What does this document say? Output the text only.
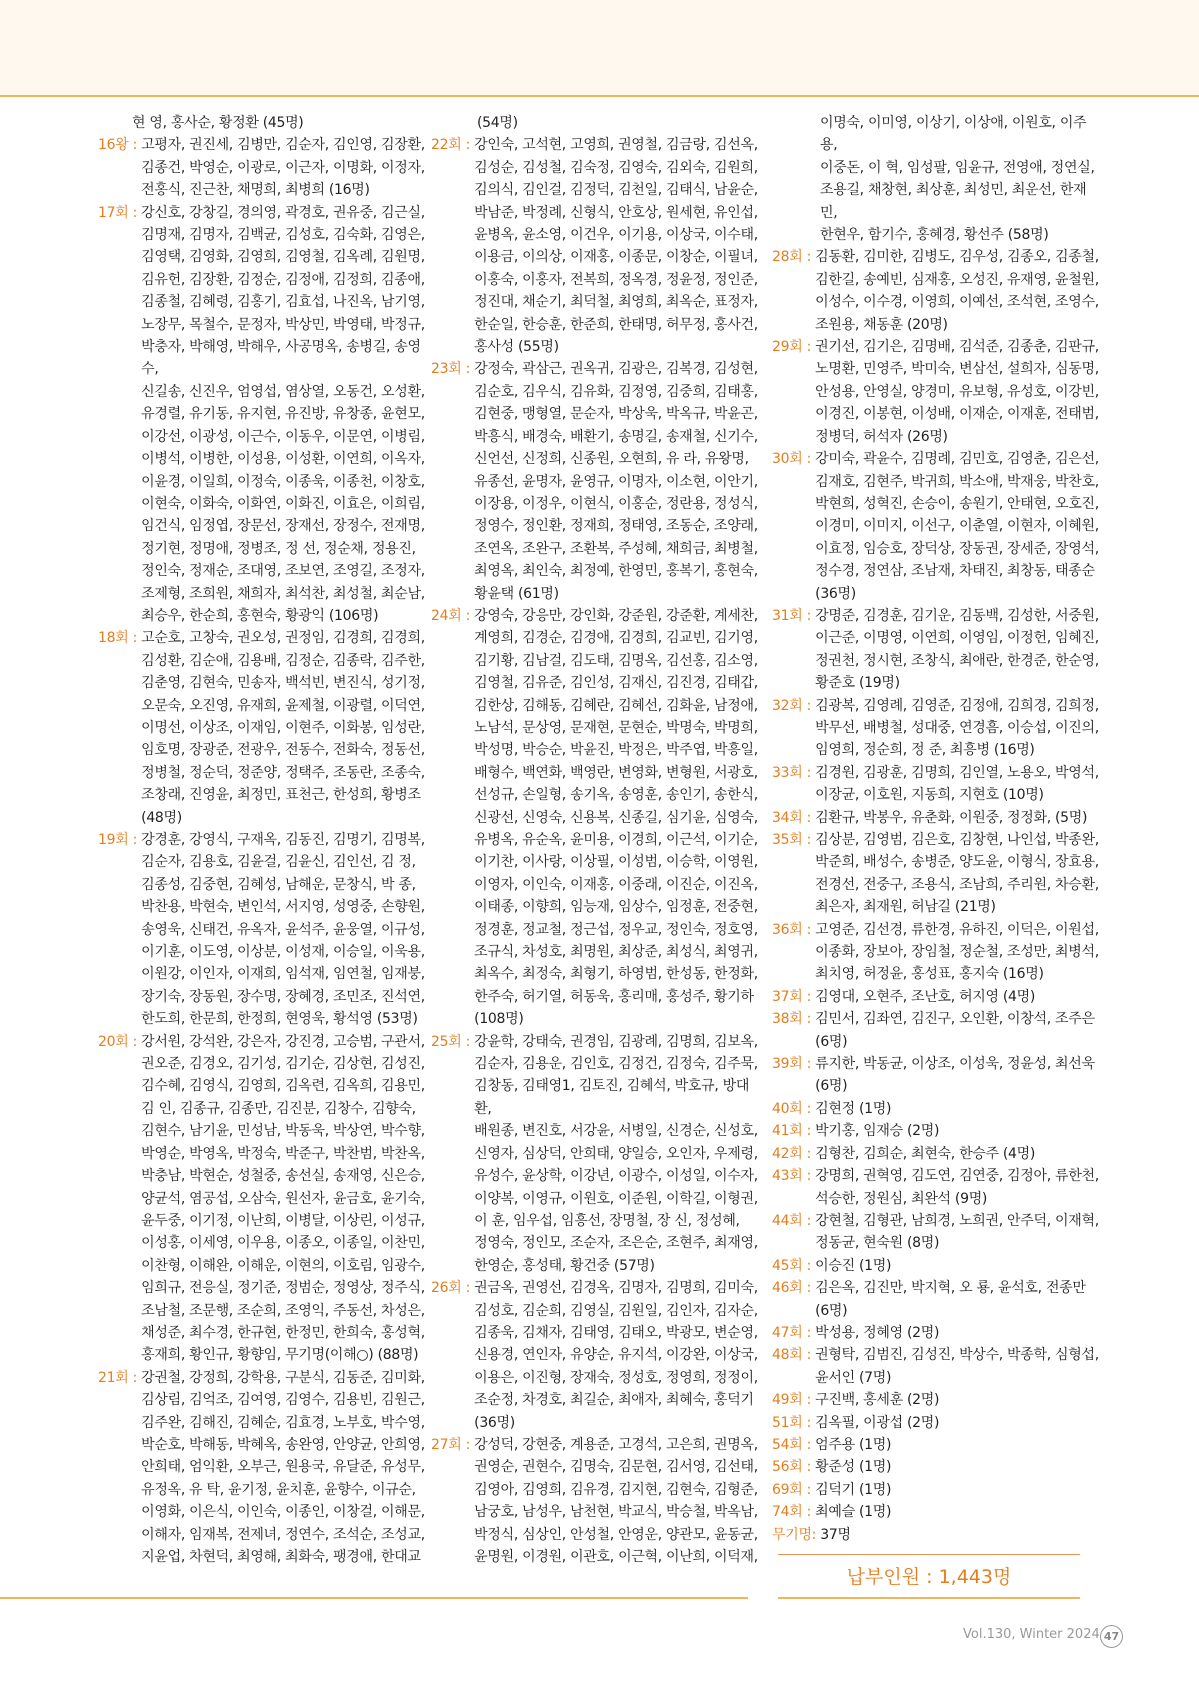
현 영, 홍사순, 황정환 (45명)
16왕 : 고평자, 권진세, 김병만, 김순자, 김인영, 김장환,
김종건, 박영순, 이광로, 이근자, 이명화, 이정자,
전홍식, 진근찬, 채명희, 최병희 (16명)
17회 : 강신호, 강창길, 경의영, 곽경호, 권유중, 김근실,
김명재, 김명자, 김백균, 김성호, 김숙화, 김영은,
김영택, 김영화, 김영희, 김영철, 김옥례, 김원명,
김유헌, 김장환, 김정순, 김정애, 김정희, 김종애,
김종철, 김혜령, 김홍기, 김효섭, 나진옥, 남기영,
노장무, 목철수, 문정자, 박상민, 박영태, 박정규,
박충자, 박해영, 박해우, 사공명옥, 송병길, 송영수,
신길송, 신진우, 엄영섭, 염상열, 오동건, 오성환,
유경렬, 유기동, 유지현, 유진방, 유창종, 윤현모,
이강선, 이광성, 이근수, 이동우, 이문연, 이병림,
이병석, 이병한, 이성용, 이성환, 이연희, 이옥자,
이윤경, 이일희, 이정숙, 이종욱, 이종천, 이창호,
이현숙, 이화숙, 이화연, 이화진, 이효은, 이희림,
임건식, 임정엽, 장문선, 장재선, 장정수, 전재명,
정기현, 정명애, 정병조, 정 선, 정순채, 정용진,
정인숙, 정재순, 조대영, 조보연, 조영길, 조정자,
조제형, 조희원, 채희자, 최석찬, 최성철, 최순남,
최승우, 한순희, 홍현숙, 황광익 (106명)
18회 : 고순호, 고창숙, 권오성, 권정임, 김경희, 김경희,
김성환, 김순애, 김용배, 김정순, 김종락, 김주한,
김춘영, 김현숙, 민송자, 백석빈, 변진식, 성기정,
오문숙, 오진영, 유재희, 윤제철, 이광렬, 이덕연,
이명선, 이상조, 이재임, 이현주, 이화봉, 임성란,
임호명, 장광준, 전광우, 전동수, 전화숙, 정동선,
정병철, 정순덕, 정준양, 정택주, 조동란, 조종숙,
조창래, 진영윤, 최정민, 표천근, 한성희, 황병조
(48명)
19회 : 강경훈, 강영식, 구재옥, 김동진, 김명기, 김명복,
김순자, 김용호, 김윤걸, 김윤신, 김인선, 김 정,
김종성, 김중현, 김혜성, 남해운, 문창식, 박 종,
박찬용, 박현숙, 변인석, 서지영, 성영중, 손향원,
송영욱, 신태건, 유옥자, 윤석주, 윤웅열, 이규성,
이기훈, 이도영, 이상분, 이성재, 이승일, 이욱용,
이원강, 이인자, 이재희, 임석재, 임연철, 임재붕,
장기숙, 장동원, 장수명, 장혜경, 조민조, 진석연,
한도희, 한문희, 한정희, 현영욱, 황석영 (53명)
20회 : 강서원, 강석완, 강은자, 강진경, 고승범, 구관서,
권오준, 김경오, 김기성, 김기순, 김상현, 김성진,
김수혜, 김영식, 김영희, 김옥련, 김옥희, 김용민,
김 인, 김종규, 김종만, 김진분, 김창수, 김향숙,
김현수, 남기윤, 민성남, 박동욱, 박상연, 박수향,
박영순, 박영옥, 박정숙, 박준구, 박찬범, 박찬옥,
박충남, 박현순, 성철중, 송선실, 송재영, 신은승,
양균석, 염공섭, 오삼숙, 원선자, 윤금호, 윤기숙,
윤두중, 이기정, 이난희, 이병달, 이상린, 이성규,
이성홍, 이세영, 이우용, 이종오, 이종일, 이찬민,
이찬형, 이해완, 이해운, 이현의, 이호림, 임광수,
임희규, 전응실, 정기준, 정범순, 정영상, 정주식,
조남철, 조문행, 조순희, 조영익, 주동선, 차성은,
채성준, 최수경, 한규현, 한정민, 한희숙, 홍성혁,
홍재희, 황인규, 황향임, 무기명(이해○) (88명)
21회 : 강권철, 강정희, 강학용, 구분식, 김동준, 김미화,
김상림, 김억조, 김여영, 김영수, 김용빈, 김원근,
김주완, 김해진, 김혜순, 김효경, 노부호, 박수영,
박순호, 박해동, 박혜옥, 송완영, 안양균, 안희영,
안희태, 엄익환, 오부근, 원용국, 유달준, 유성무,
유정옥, 유 탁, 윤기정, 윤치훈, 윤향수, 이규순,
이영화, 이은식, 이인숙, 이종인, 이창걸, 이해문,
이해자, 임재복, 전제녀, 정연수, 조석순, 조성교,
지윤업, 차현덕, 최영해, 최화숙, 팽경애, 한대교
(54명)
22회 : 강인숙, 고석현, 고영희, 권영철, 김금랑, 김선옥,
김성순, 김성철, 김숙정, 김영숙, 김외숙, 김원희,
김의식, 김인걸, 김정덕, 김천일, 김태식, 남윤순,
박남준, 박정례, 신형식, 안호상, 원세현, 유인섭,
윤병옥, 윤소영, 이건우, 이기용, 이상국, 이수태,
이용금, 이의상, 이재홍, 이종문, 이창순, 이필녀,
이홍숙, 이홍자, 전복희, 정옥경, 정윤정, 정인준,
정진대, 채순기, 최덕철, 최영희, 최옥순, 표정자,
한순일, 한승훈, 한준희, 한태명, 허무정, 홍사건,
홍사성 (55명)
23회 : 강정숙, 곽삼근, 권옥귀, 김광은, 김복경, 김성현,
김순호, 김우식, 김유화, 김정영, 김중희, 김태홍,
김현중, 맹형열, 문순자, 박상욱, 박옥규, 박윤곤,
박흥식, 배경숙, 배환기, 송명길, 송재철, 신기수,
신언선, 신정희, 신종원, 오현희, 유 라, 유왕명,
유종선, 윤명자, 윤영규, 이명자, 이소현, 이안기,
이장용, 이정우, 이현식, 이홍순, 정란용, 정성식,
정영수, 정인환, 정재희, 정태영, 조동순, 조양래,
조연옥, 조완구, 조환복, 주성혜, 채희금, 최병철,
최영옥, 최인숙, 최정예, 한영민, 홍복기, 홍현숙,
황윤택 (61명)
24회 : 강영숙, 강응만, 강인화, 강준원, 강준환, 계세찬,
계영희, 김경순, 김경애, 김경희, 김교빈, 김기영,
김기황, 김남걸, 김도태, 김명옥, 김선홍, 김소영,
김영철, 김유준, 김인성, 김재신, 김진경, 김태갑,
김한상, 김해동, 김혜란, 김혜선, 김화윤, 남정애,
노남석, 문상영, 문재현, 문현순, 박명숙, 박명희,
박성명, 박승순, 박윤진, 박정은, 박주엽, 박흥일,
배형수, 백연화, 백영란, 변영화, 변형원, 서광호,
선성규, 손일형, 송기옥, 송영훈, 송인기, 송한식,
신광선, 신영숙, 신용복, 신종길, 심기윤, 심영숙,
유병옥, 유순옥, 윤미용, 이경희, 이근석, 이기순,
이기찬, 이사랑, 이상필, 이성범, 이승학, 이영원,
이영자, 이인숙, 이재홍, 이중래, 이진순, 이진옥,
이태종, 이향희, 임능재, 임상수, 임정훈, 전중현,
정경훈, 정교철, 정근섭, 정우교, 정인숙, 정호영,
조규식, 차성호, 최명원, 최상준, 최성식, 최영귀,
최옥수, 최정숙, 최형기, 하영범, 한성동, 한정화,
한주숙, 허기열, 허동욱, 홍리매, 홍성주, 황기하
(108명)
25회 : 강윤학, 강태숙, 권경임, 김광례, 김명희, 김보옥,
김순자, 김용운, 김인호, 김정건, 김정숙, 김주묵,
김창동, 김태영1, 김토진, 김혜석, 박호규, 방대환,
배원종, 변진호, 서강윤, 서병일, 신경순, 신성호,
신영자, 심상덕, 안희태, 양일승, 오인자, 우제령,
유성수, 윤상학, 이강년, 이광수, 이성일, 이수자,
이양복, 이영규, 이원호, 이준원, 이학길, 이형권,
이 훈, 임우섭, 임흥선, 장명철, 장 신, 정성혜,
정영숙, 정인모, 조순자, 조은순, 조현주, 최재영,
한영순, 홍성태, 황건중 (57명)
26회 : 권금옥, 권영선, 김경옥, 김명자, 김명희, 김미숙,
김성호, 김순희, 김영실, 김원일, 김인자, 김자순,
김종욱, 김채자, 김태영, 김태오, 박광모, 변순영,
신용경, 연인자, 유양순, 유지석, 이강완, 이상국,
이용은, 이진형, 장재숙, 정성호, 정영희, 정정이,
조순정, 차경호, 최길순, 최애자, 최혜숙, 홍덕기
(36명)
27회 : 강성덕, 강현중, 계용준, 고경석, 고은희, 권명옥,
권영순, 권현수, 김명숙, 김문현, 김서영, 김선태,
김영아, 김영희, 김유경, 김지현, 김현숙, 김형준,
남궁호, 남성우, 남천현, 박교식, 박승철, 박옥남,
박정식, 심상인, 안성철, 안영운, 양관모, 윤동균,
윤명원, 이경원, 이관호, 이근혁, 이난희, 이덕재,
이명숙, 이미영, 이상기, 이상애, 이원호, 이주용,
이중돈, 이 혁, 임성팔, 임윤규, 전영애, 정연실,
조용길, 채창현, 최상훈, 최성민, 최운선, 한재민,
한현우, 함기수, 홍혜경, 황선주 (58명)
28회 : 김동환, 김미한, 김병도, 김우성, 김종오, 김종철,
김한길, 송예빈, 심재홍, 오성진, 유재영, 윤철원,
이성수, 이수경, 이영희, 이예선, 조석현, 조영수,
조원용, 채동훈 (20명)
29회 : 권기선, 김기은, 김명배, 김석준, 김종춘, 김판규,
노명환, 민영주, 박미숙, 변삼선, 설희자, 심동명,
안성용, 안영실, 양경미, 유보형, 유성호, 이강빈,
이경진, 이봉현, 이성배, 이재순, 이재훈, 전태범,
정병덕, 허석자 (26명)
30회 : 강미숙, 곽윤수, 김명례, 김민호, 김영춘, 김은선,
김재호, 김현주, 박귀희, 박소애, 박재웅, 박찬호,
박현희, 성혁진, 손승이, 송원기, 안태현, 오호진,
이경미, 이미지, 이선구, 이춘열, 이현자, 이혜원,
이효정, 임승호, 장덕상, 장동권, 장세준, 장영석,
정수경, 정연삼, 조남재, 차태진, 최창동, 태종순
(36명)
31회 : 강명준, 김경훈, 김기운, 김동백, 김성한, 서중원,
이근준, 이명영, 이연희, 이영임, 이정헌, 임혜진,
정권천, 정시현, 조창식, 최애란, 한경준, 한순영,
황준호 (19명)
32회 : 김광복, 김영례, 김영준, 김정애, 김희경, 김희정,
박무선, 배병철, 성대중, 연경흠, 이승섭, 이진의,
임영희, 정순희, 정 준, 최흥병 (16명)
33회 : 김경원, 김광훈, 김명희, 김인열, 노용오, 박영석,
이장균, 이호원, 지동희, 지현호 (10명)
34회 : 김환규, 박봉우, 유춘화, 이원중, 정정화, (5명)
35회 : 김상분, 김영범, 김은호, 김창현, 나인섭, 박종완,
박준희, 배성수, 송병준, 양도윤, 이형식, 장효용,
전경선, 전중구, 조용식, 조남희, 주리원, 차승환,
최은자, 최재원, 허남길 (21명)
36회 : 고영준, 김선경, 류한경, 유하진, 이덕은, 이원섭,
이종화, 장보아, 장임철, 정순철, 조성만, 최병석,
최치영, 허정윤, 홍성표, 홍지숙 (16명)
37회 : 김영대, 오현주, 조난호, 허지영 (4명)
38회 : 김민서, 김좌연, 김진구, 오인환, 이창석, 조주은
(6명)
39회 : 류지한, 박동균, 이상조, 이성욱, 정윤성, 최선욱
(6명)
40회 : 김현정 (1명)
41회 : 박기홍, 임재승 (2명)
42회 : 김형찬, 김희순, 최현숙, 한승주 (4명)
43회 : 강명희, 권혁영, 김도연, 김연중, 김정아, 류한천,
석승한, 정원심, 최완석 (9명)
44회 : 강현철, 김형관, 남희경, 노희권, 안주덕, 이재혁,
정동균, 현숙원 (8명)
45회 : 이승진 (1명)
46회 : 김은옥, 김진만, 박지혁, 오 룡, 윤석호, 전종만
(6명)
47회 : 박성용, 정혜영 (2명)
48회 : 권형탁, 김범진, 김성진, 박상수, 박종학, 심형섭,
윤서인 (7명)
49회 : 구진백, 홍세훈 (2명)
51회 : 김옥필, 이광섭 (2명)
54회 : 엄주용 (1명)
56회 : 황준성 (1명)
69회 : 김덕기 (1명)
74회 : 최예슬 (1명)
무기명: 37명
납부인원 : 1,443명
Vol.130, Winter 2024 47
